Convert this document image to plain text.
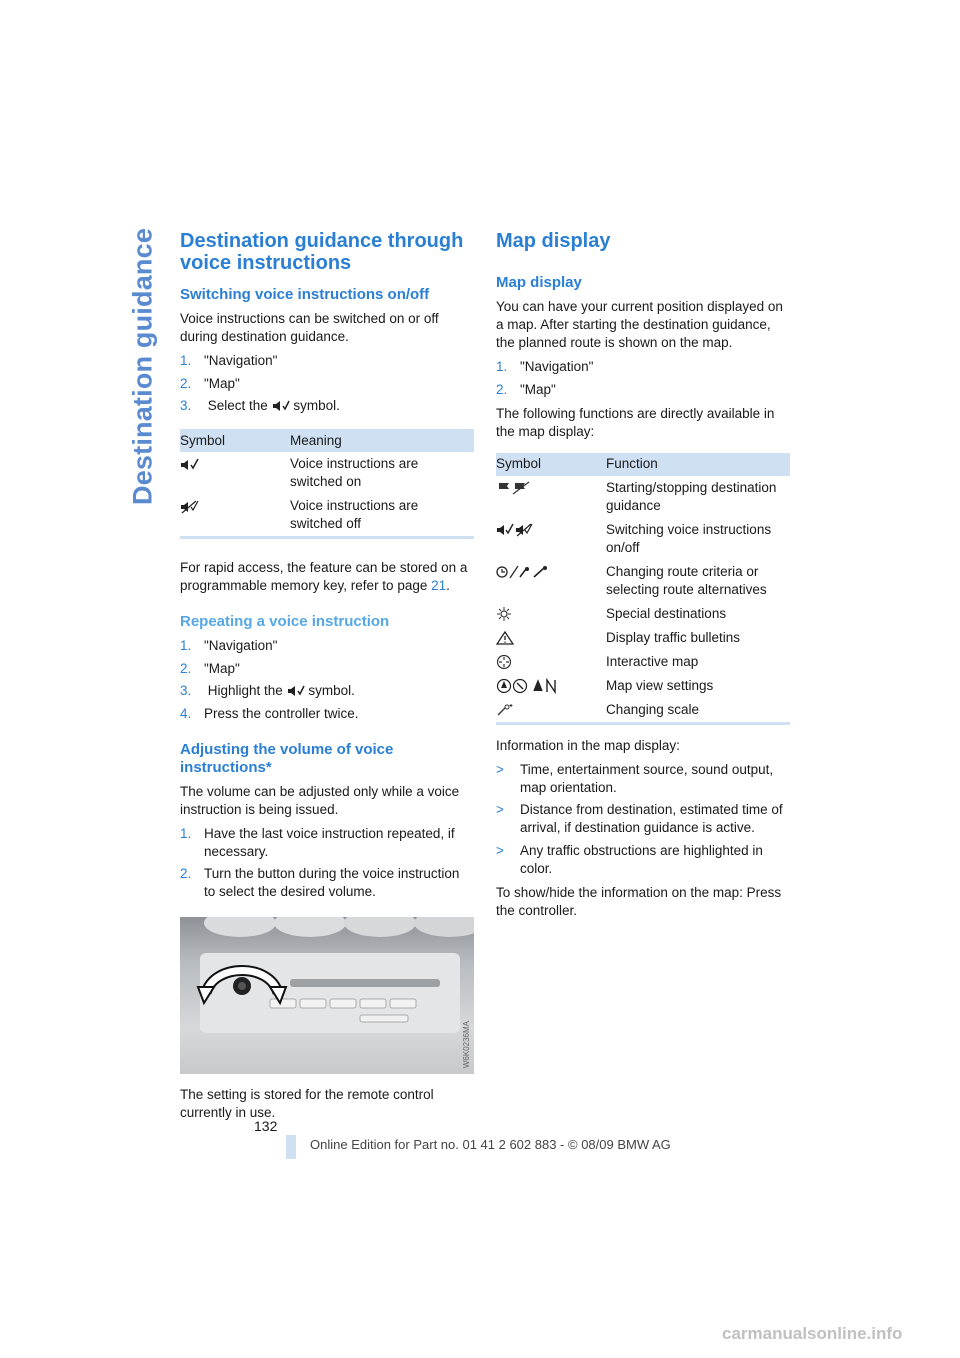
Destination guidance Destination guidance through voice instructions
Switching voice instructions on/off

Voice instructions can be switched on or off during destination guidance.

1. "Navigation"
2. "Map"
3.	Select the symbol.
Symbol	Meaning
	Voice instructions are switched on
	Voice instructions are switched off

For rapid access, the feature can be stored on a programmable memory key, refer to page 21.

Repeating a voice instruction
1. "Navigation"
2. "Map"
3.	Highlight the symbol.
4. Press the controller twice.
Adjusting the volume of voice instructions*

The volume can be adjusted only while a voice instruction is being issued.

1. Have the last voice instruction repeated, if necessary.
2. Turn the button during the voice instruction to select the desired volume.
W6K0236MA

The setting is stored for the remote control currently in use.

Map display
Map display

You can have your current position displayed on a map. After starting the destination guidance, the planned route is shown on the map.

1. "Navigation"
2. "Map"

The following functions are directly available in the map display:

Symbol	Function
	Starting/stopping destination guidance
	Switching voice instructions on/off
	Changing route criteria or selecting route alternatives
	Special destinations
	Display traffic bulletins
	Interactive map
	Map view settings
	Changing scale

Information in the map display:

>	Time, entertainment source, sound output, map orientation.
>	Distance from destination, estimated time of arrival, if destination guidance is active.
>	Any traffic obstructions are highlighted in color.

To show/hide the information on the map: Press the controller.

132
Online Edition for Part no. 01 41 2 602 883 - © 08/09 BMW AG
carmanualsonline.info
